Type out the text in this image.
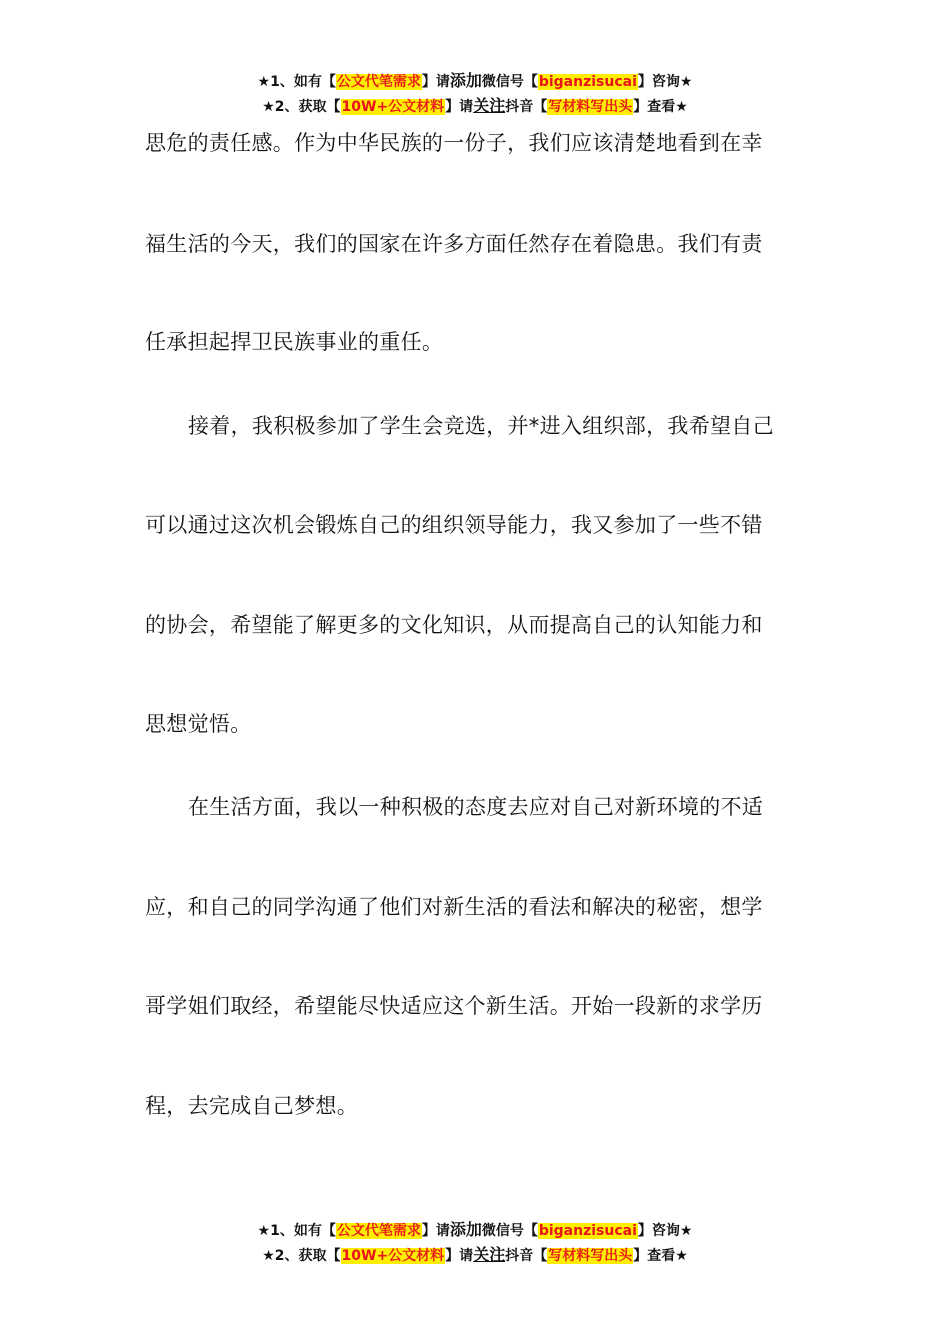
★1、如有【公文代笔需求】请添加微信号【biganzisucai】咨询★
★2、获取【10W+公文材料】请关注抖音【写材料写出头】查看★
思危的责任感。作为中华民族的一份子，我们应该清楚地看到在幸
福生活的今天，我们的国家在许多方面任然存在着隐患。我们有责
任承担起捍卫民族事业的重任。
接着，我积极参加了学生会竞选，并*进入组织部，我希望自己
可以通过这次机会锻炼自己的组织领导能力，我又参加了一些不错
的协会，希望能了解更多的文化知识，从而提高自己的认知能力和
思想觉悟。
在生活方面，我以一种积极的态度去应对自己对新环境的不适
应，和自己的同学沟通了他们对新生活的看法和解决的秘密，想学
哥学姐们取经，希望能尽快适应这个新生活。开始一段新的求学历
程，去完成自己梦想。
★1、如有【公文代笔需求】请添加微信号【biganzisucai】咨询★
★2、获取【10W+公文材料】请关注抖音【写材料写出头】查看★
